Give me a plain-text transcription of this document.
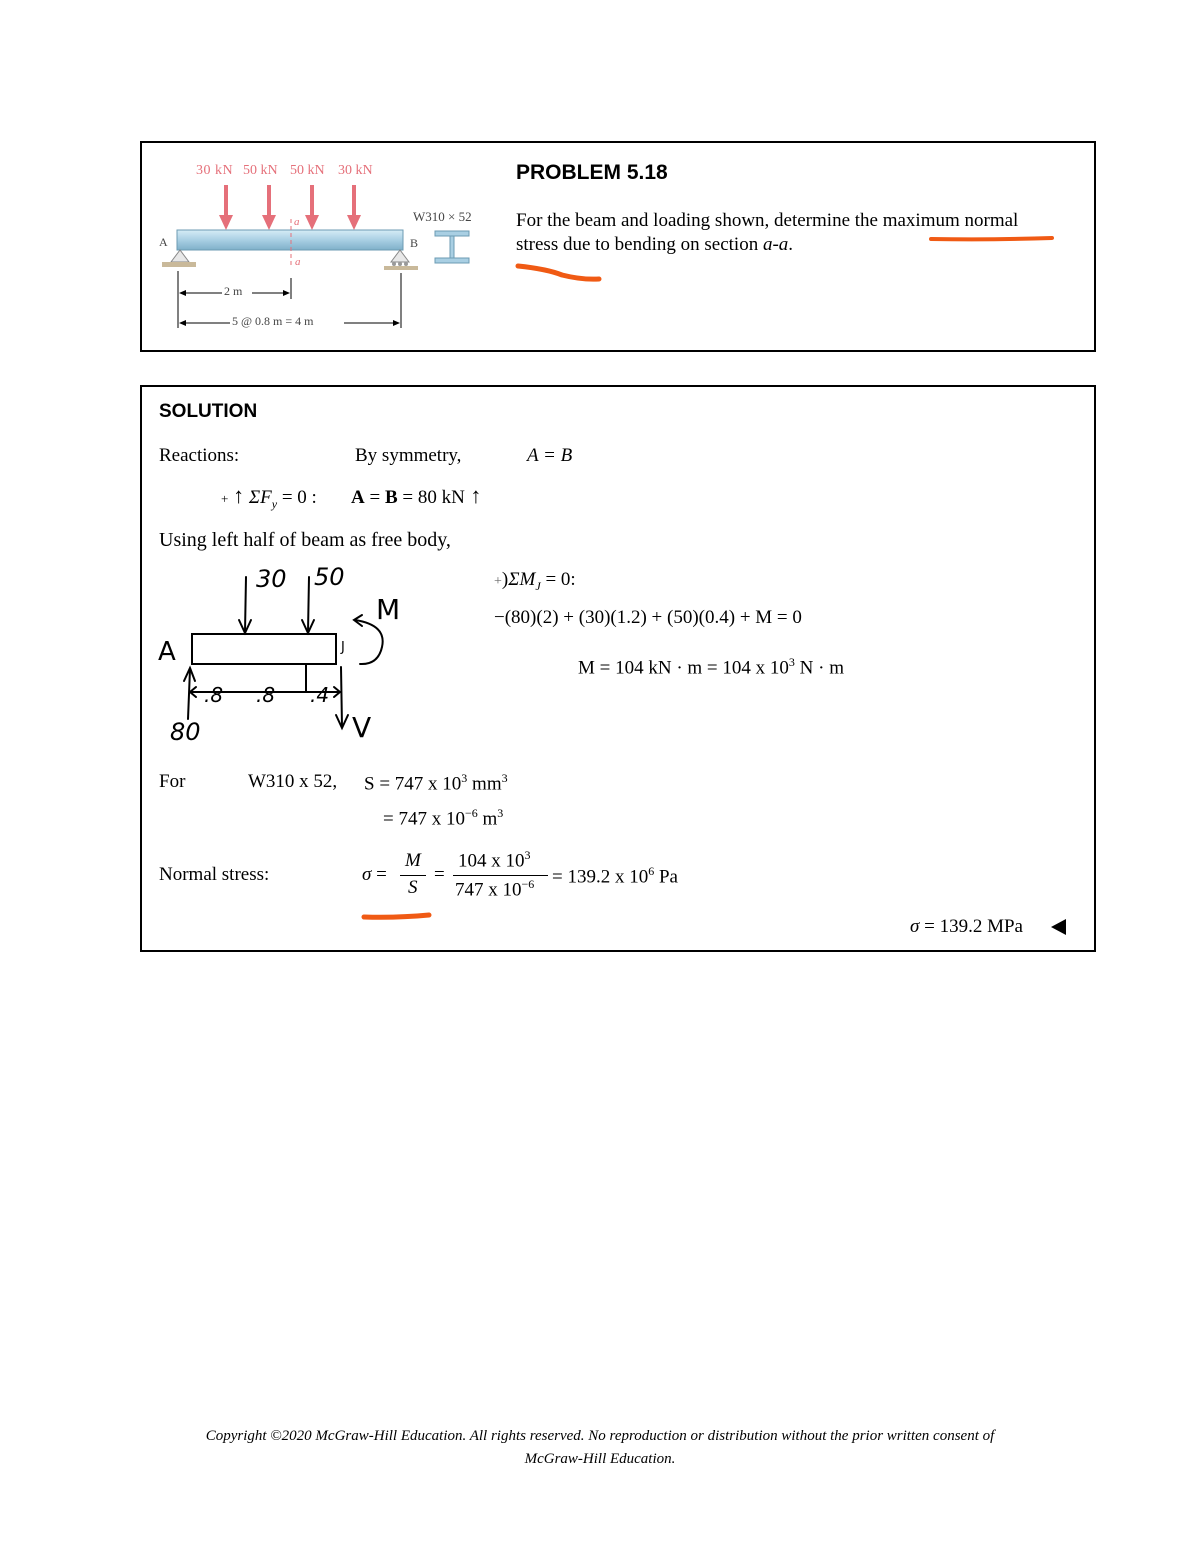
30 kN 50 kN 50 kN 30 kN
a
a
A	B
W310 × 52
2 m
5 @ 0.8 m = 4 m
PROBLEM 5.18
For the beam and loading shown, determine the maximum normal
stress due to bending on section a-a.
SOLUTION
Reactions:	By symmetry,	A = B
+ ↑ $\Sigma F_y = 0$ : A = B = 80 kN ↑
Using left half of beam as free body,
30 50
M
A	J
.8 .8 .4
80	V
$+)\Sigma M_J = 0$:
−(80)(2) + (30)(1.2) + (50)(0.4) + M = 0
M = 104 kN · m = 104 x $10^3$ N · m
For	W310 x 52, S = 747 x $10^3$ $mm^3$
= 747 x $10^{-6}$ $m^3$
Normal stress:	σ =
M
S
=
104 x $10^3$
747 x $10^{-6} = 139.2$ x $10^6$ Pa
σ = 139.2 MPa
Copyright ©2020 McGraw-Hill Education. All rights reserved. No reproduction or distribution without the prior written consent of
McGraw-Hill Education.
